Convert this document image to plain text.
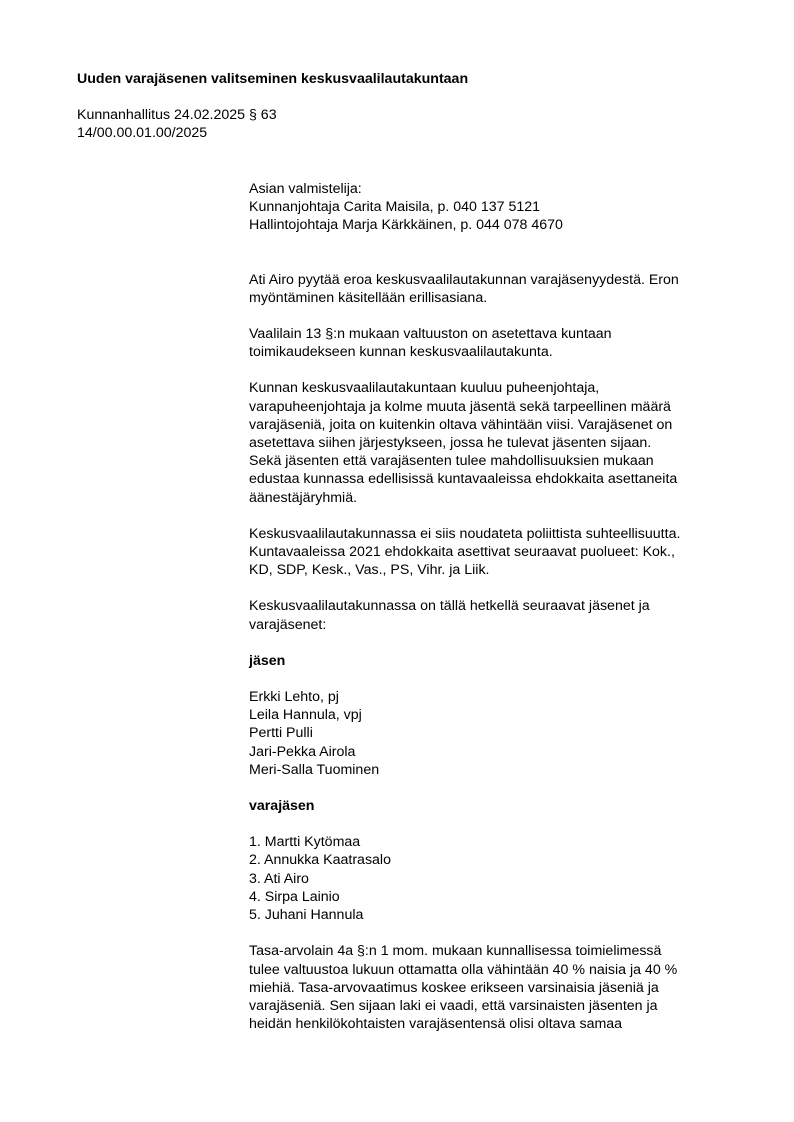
Uuden varajäsenen valitseminen keskusvaalilautakuntaan
Kunnanhallitus 24.02.2025 § 63
14/00.00.01.00/2025

Asian valmistelija:

Kunnanjohtaja Carita Maisila, p. 040 137 5121

Hallintojohtaja Marja Kärkkäinen, p. 044 078 4670

Ati Airo pyytää eroa keskusvaalilautakunnan varajäsenyydestä. Eron

myöntäminen käsitellään erillisasiana.

Vaalilain 13 §:n mukaan valtuuston on asetettava kuntaan

toimikaudekseen kunnan keskusvaalilautakunta.

Kunnan keskusvaalilautakuntaan kuuluu puheenjohtaja,

varapuheenjohtaja ja kolme muuta jäsentä sekä tarpeellinen määrä

varajäseniä, joita on kuitenkin oltava vähintään viisi. Varajäsenet on

asetettava siihen järjestykseen, jossa he tulevat jäsenten sijaan.

Sekä jäsenten että varajäsenten tulee mahdollisuuksien mukaan

edustaa kunnassa edellisissä kuntavaaleissa ehdokkaita asettaneita

äänestäjäryhmiä.

Keskusvaalilautakunnassa ei siis noudateta poliittista suhteellisuutta.

Kuntavaaleissa 2021 ehdokkaita asettivat seuraavat puolueet: Kok.,

KD, SDP, Kesk., Vas., PS, Vihr. ja Liik.

Keskusvaalilautakunnassa on tällä hetkellä seuraavat jäsenet ja

varajäsenet:

jäsen

Erkki Lehto, pj
Leila Hannula, vpj
Pertti Pulli
Jari-Pekka Airola
Meri-Salla Tuominen

varajäsen

1. Martti Kytömaa
2. Annukka Kaatrasalo
3. Ati Airo
4. Sirpa Lainio
5. Juhani Hannula

Tasa-arvolain 4a §:n 1 mom. mukaan kunnallisessa toimielimessä

tulee valtuustoa lukuun ottamatta olla vähintään 40 % naisia ja 40 %

miehiä. Tasa-arvovaatimus koskee erikseen varsinaisia jäseniä ja

varajäseniä. Sen sijaan laki ei vaadi, että varsinaisten jäsenten ja

heidän henkilökohtaisten varajäsentensä olisi oltava samaa
